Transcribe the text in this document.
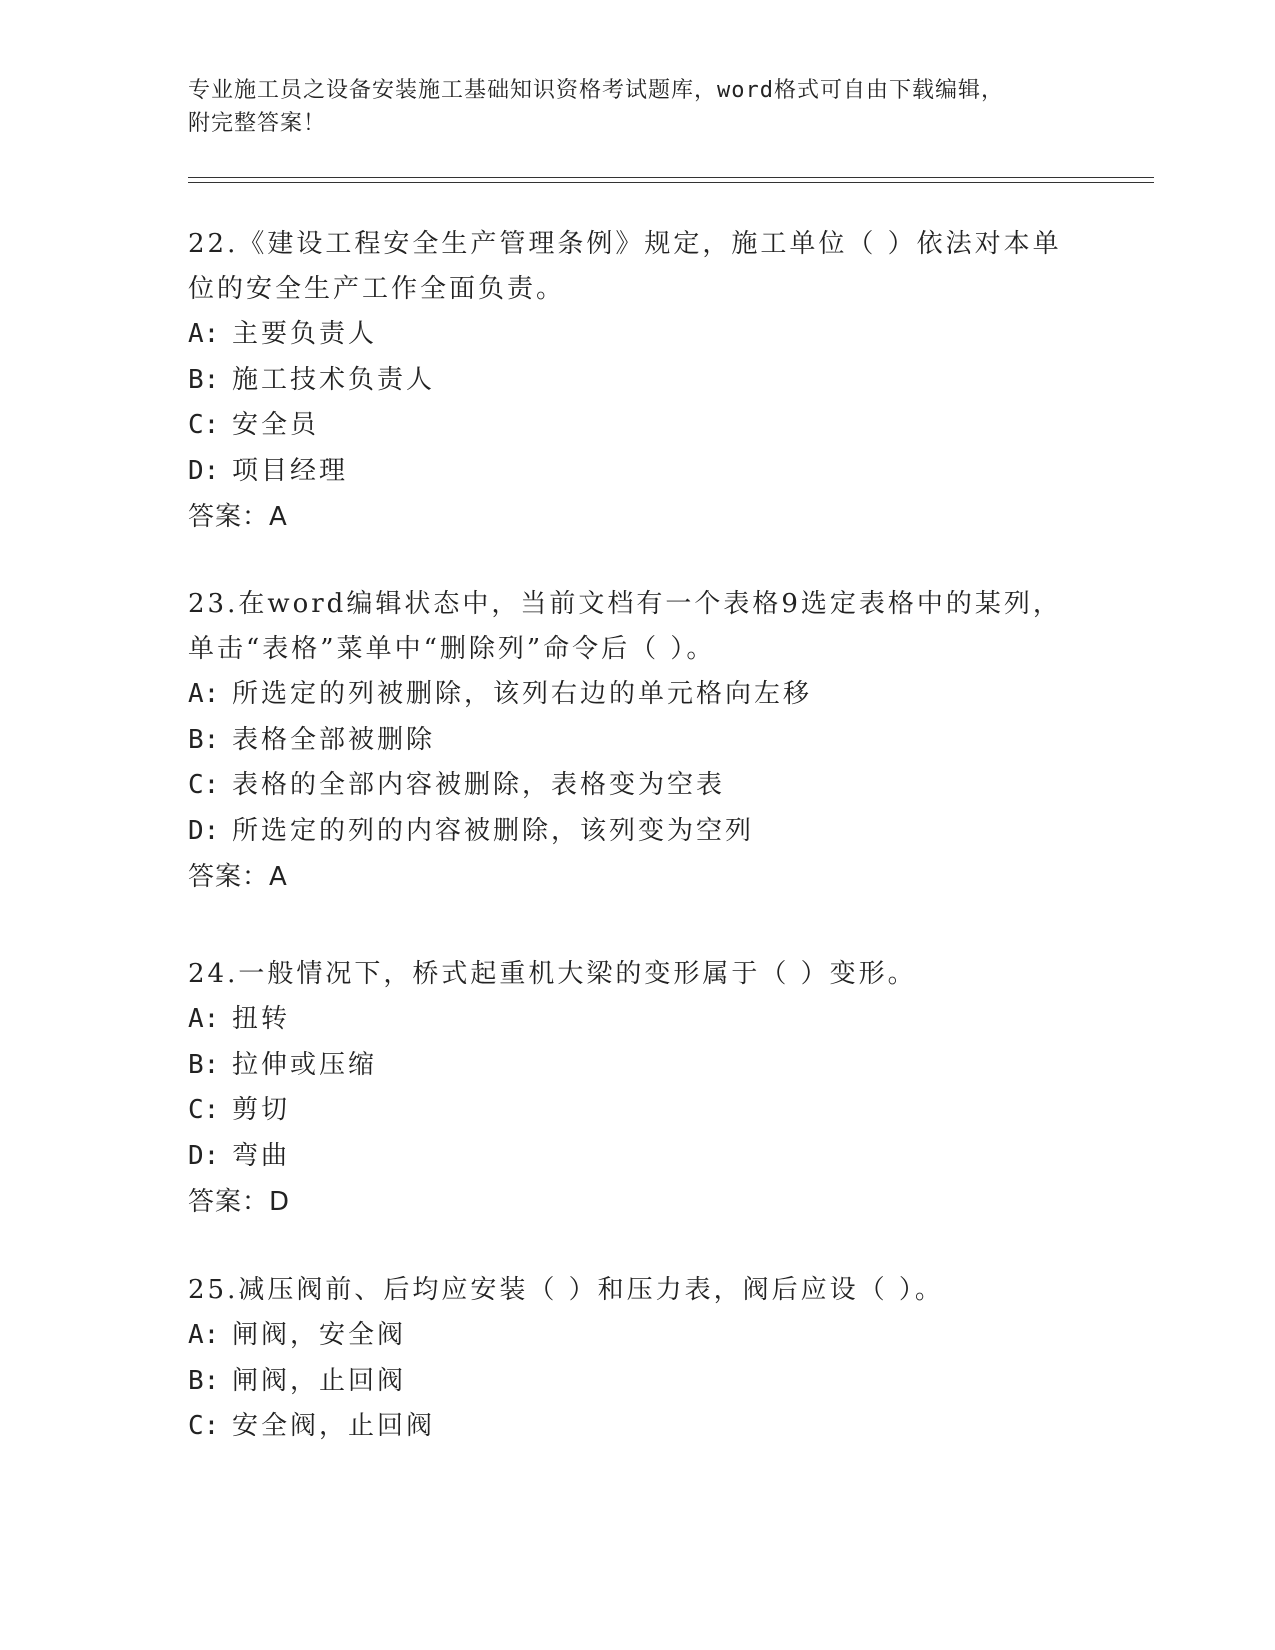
专业施工员之设备安装施工基础知识资格考试题库，word格式可自由下载编辑，
附完整答案！
22.《建设工程安全生产管理条例》规定，施工单位（ ）依法对本单
位的安全生产工作全面负责。
A: 主要负责人
B: 施工技术负责人
C: 安全员
D: 项目经理
答案：A
23.在word编辑状态中，当前文档有一个表格9选定表格中的某列，
单击“表格”菜单中“删除列”命令后（ ）。
A: 所选定的列被删除，该列右边的单元格向左移
B: 表格全部被删除
C: 表格的全部内容被删除，表格变为空表
D: 所选定的列的内容被删除，该列变为空列
答案：A
24.一般情况下，桥式起重机大梁的变形属于（ ）变形。
A: 扭转
B: 拉伸或压缩
C: 剪切
D: 弯曲
答案：D
25.减压阀前、后均应安装（ ）和压力表，阀后应设（ ）。
A: 闸阀，安全阀
B: 闸阀，止回阀
C: 安全阀，止回阀
